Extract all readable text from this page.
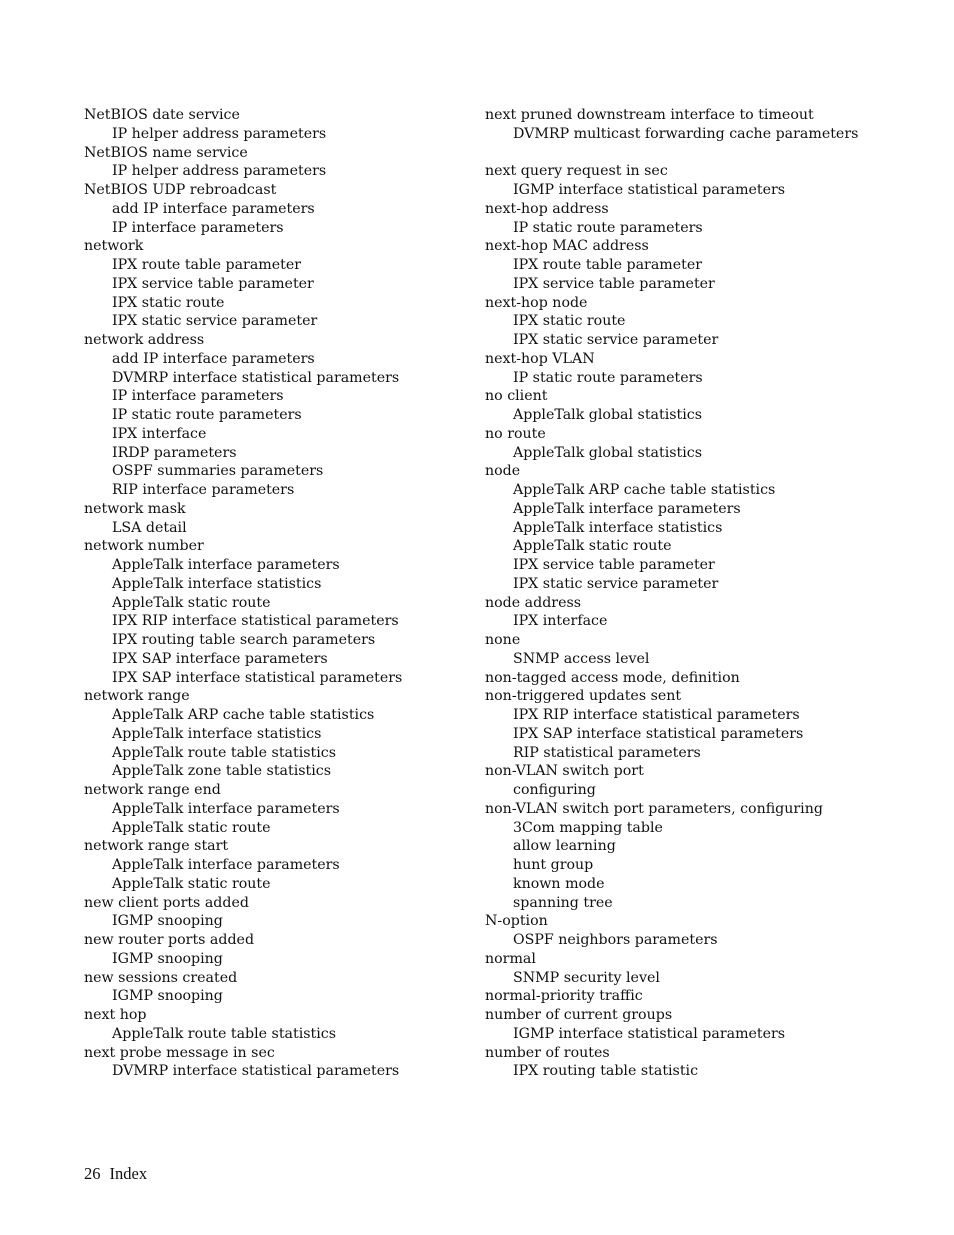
NetBIOS date service
IP helper address parameters
NetBIOS name service
IP helper address parameters
NetBIOS UDP rebroadcast
add IP interface parameters
IP interface parameters
network
IPX route table parameter
IPX service table parameter
IPX static route
IPX static service parameter
network address
add IP interface parameters
DVMRP interface statistical parameters
IP interface parameters
IP static route parameters
IPX interface
IRDP parameters
OSPF summaries parameters
RIP interface parameters
network mask
LSA detail
network number
AppleTalk interface parameters
AppleTalk interface statistics
AppleTalk static route
IPX RIP interface statistical parameters
IPX routing table search parameters
IPX SAP interface parameters
IPX SAP interface statistical parameters
network range
AppleTalk ARP cache table statistics
AppleTalk interface statistics
AppleTalk route table statistics
AppleTalk zone table statistics
network range end
AppleTalk interface parameters
AppleTalk static route
network range start
AppleTalk interface parameters
AppleTalk static route
new client ports added
IGMP snooping
new router ports added
IGMP snooping
new sessions created
IGMP snooping
next hop
AppleTalk route table statistics
next probe message in sec
DVMRP interface statistical parameters
next pruned downstream interface to timeout
DVMRP multicast forwarding cache parameters
next query request in sec
IGMP interface statistical parameters
next-hop address
IP static route parameters
next-hop MAC address
IPX route table parameter
IPX service table parameter
next-hop node
IPX static route
IPX static service parameter
next-hop VLAN
IP static route parameters
no client
AppleTalk global statistics
no route
AppleTalk global statistics
node
AppleTalk ARP cache table statistics
AppleTalk interface parameters
AppleTalk interface statistics
AppleTalk static route
IPX service table parameter
IPX static service parameter
node address
IPX interface
none
SNMP access level
non-tagged access mode, definition
non-triggered updates sent
IPX RIP interface statistical parameters
IPX SAP interface statistical parameters
RIP statistical parameters
non-VLAN switch port
configuring
non-VLAN switch port parameters, configuring
3Com mapping table
allow learning
hunt group
known mode
spanning tree
N-option
OSPF neighbors parameters
normal
SNMP security level
normal-priority traffic
number of current groups
IGMP interface statistical parameters
number of routes
IPX routing table statistic
26 Index
